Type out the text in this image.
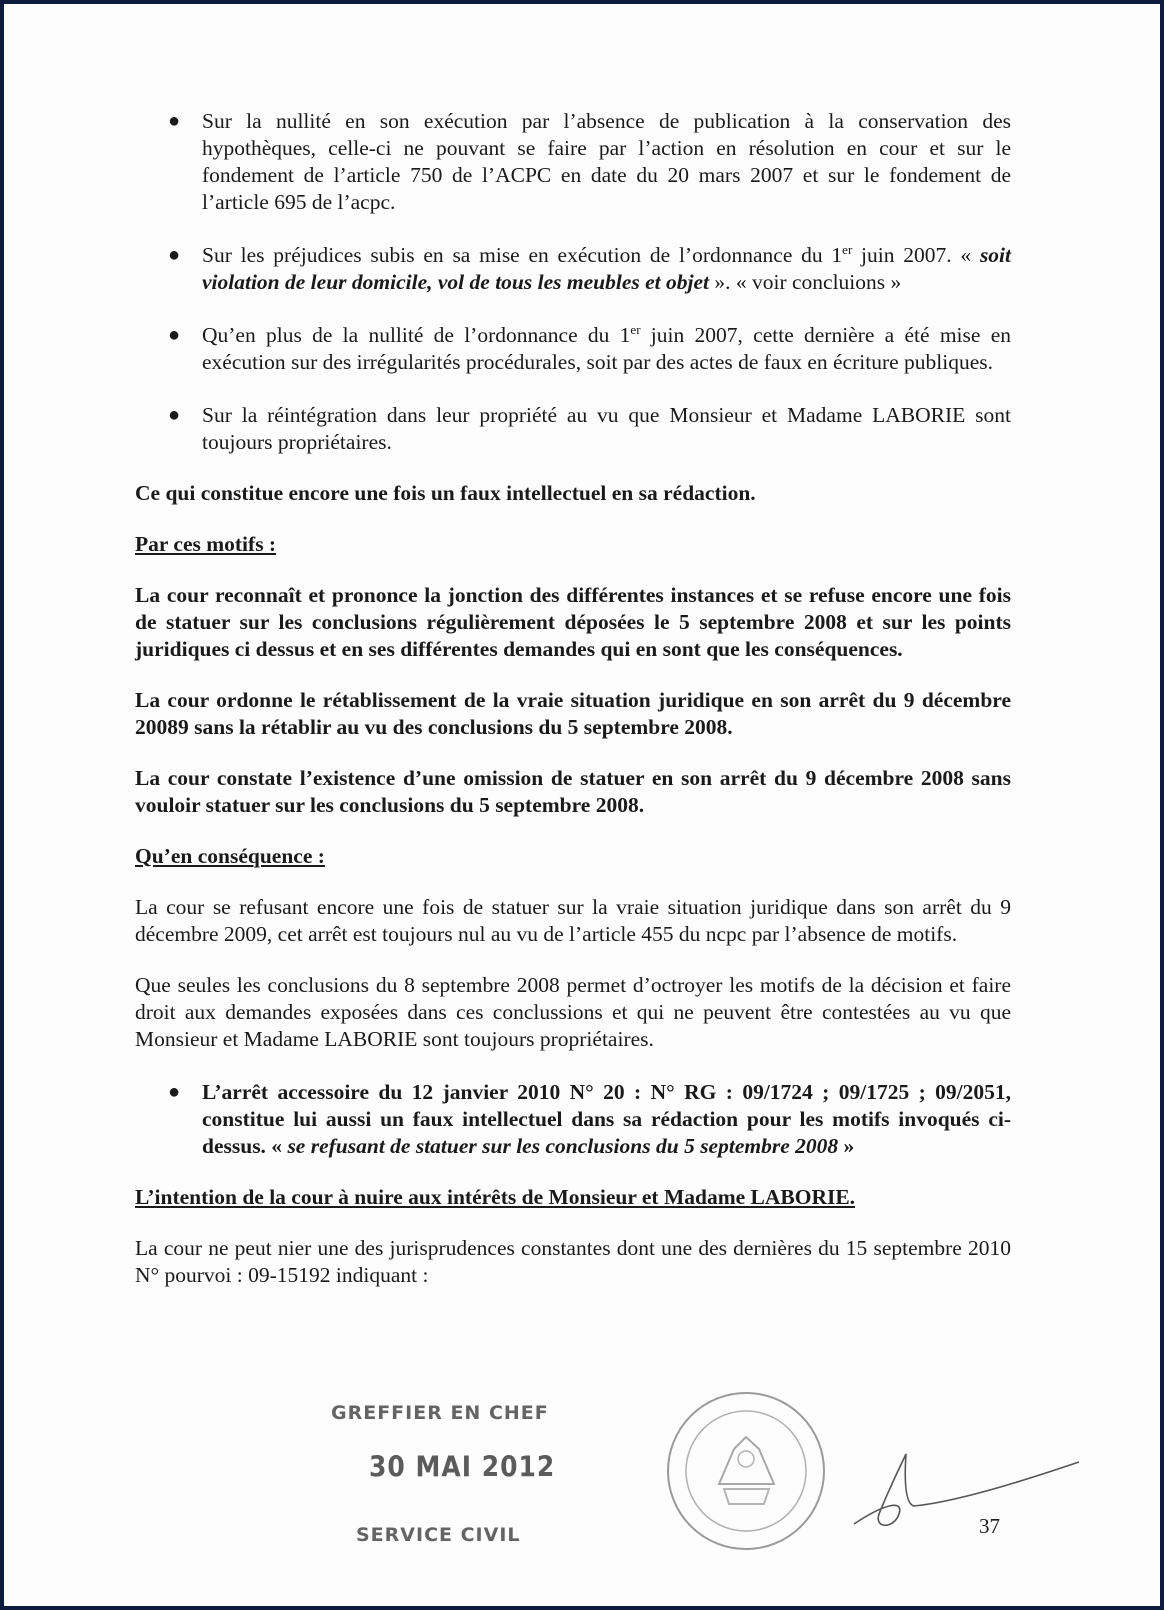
● Sur la nullité en son exécution par l’absence de publication à la conservation des hypothèques, celle-ci ne pouvant se faire par l’action en résolution en cour et sur le fondement de l’article 750 de l’ACPC en date du 20 mars 2007 et sur le fondement de l’article 695 de l’acpc.

● Sur les préjudices subis en sa mise en exécution de l’ordonnance du 1er juin 2007. « soit violation de leur domicile, vol de tous les meubles et objet ». « voir concluions »

● Qu’en plus de la nullité de l’ordonnance du 1er juin 2007, cette dernière a été mise en exécution sur des irrégularités procédurales, soit par des actes de faux en écriture publiques.

● Sur la réintégration dans leur propriété au vu que Monsieur et Madame LABORIE sont toujours propriétaires.

Ce qui constitue encore une fois un faux intellectuel en sa rédaction.

Par ces motifs :

La cour reconnaît et prononce la jonction des différentes instances et se refuse encore une fois de statuer sur les conclusions régulièrement déposées le 5 septembre 2008 et sur les points juridiques ci dessus et en ses différentes demandes qui en sont que les conséquences.

La cour ordonne le rétablissement de la vraie situation juridique en son arrêt du 9 décembre 20089 sans la rétablir au vu des conclusions du 5 septembre 2008.

La cour constate l’existence d’une omission de statuer en son arrêt du 9 décembre 2008 sans vouloir statuer sur les conclusions du 5 septembre 2008.

Qu’en conséquence :

La cour se refusant encore une fois de statuer sur la vraie situation juridique dans son arrêt du 9 décembre 2009, cet arrêt est toujours nul au vu de l’article 455 du ncpc par l’absence de motifs.

Que seules les conclusions du 8 septembre 2008 permet d’octroyer les motifs de la décision et faire droit aux demandes exposées dans ces conclussions et qui ne peuvent être contestées au vu que Monsieur et Madame LABORIE sont toujours propriétaires.

● L’arrêt accessoire du 12 janvier 2010 N° 20 : N° RG : 09/1724 ; 09/1725 ; 09/2051, constitue lui aussi un faux intellectuel dans sa rédaction pour les motifs invoqués ci-dessus. « se refusant de statuer sur les conclusions du 5 septembre 2008 »

L’intention de la cour à nuire aux intérêts de Monsieur et Madame LABORIE.

La cour ne peut nier une des jurisprudences constantes dont une des dernières du 15 septembre 2010 N° pourvoi : 09-15192 indiquant :

GREFFIER EN CHEF
30 MAI 2012
SERVICE CIVIL	37
